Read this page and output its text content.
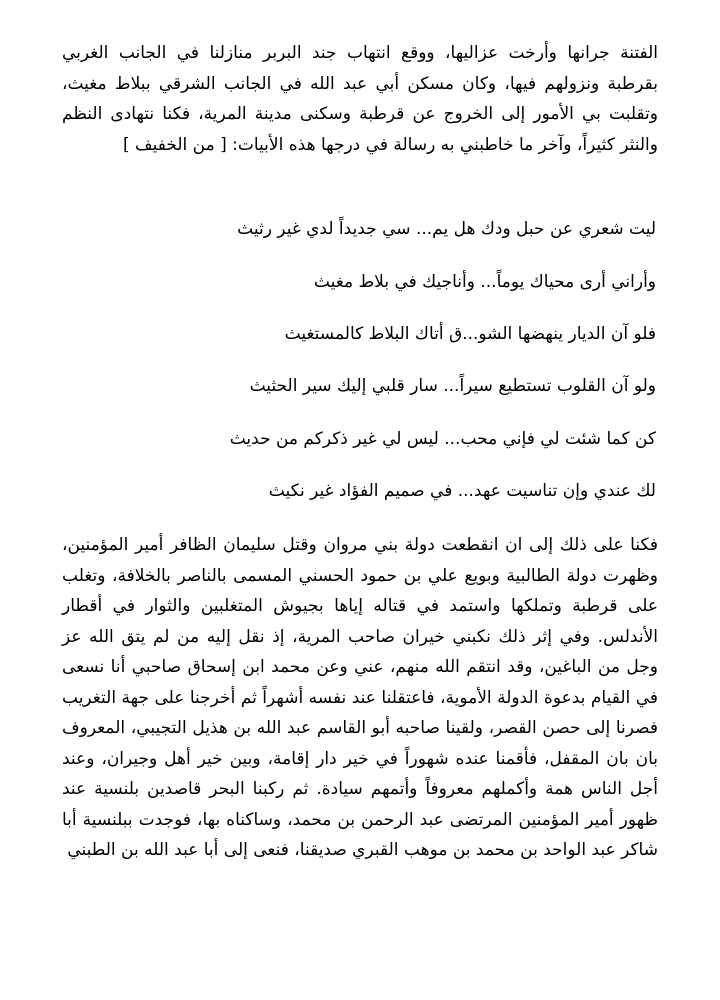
الفتنة جرانها وأرخت عزاليها، ووقع انتهاب جند البربر منازلنا في الجانب الغربي بقرطبة ونزولهم فيها، وكان مسكن أبي عبد الله في الجانب الشرقي ببلاط مغيث، وتقلبت بي الأمور إلى الخروج عن قرطبة وسكنى مدينة المرية، فكنا نتهادى النظم والنثر كثيراً، وآخر ما خاطبني به رسالة في درجها هذه الأبيات: [ من الخفيف ]

ليت شعري عن حبل ودك هل يم... سي جديداً لدي غير رثيث

وأراني أرى محياك يوماً... وأناجيك في بلاط مغيث

فلو آن الديار ينهضها الشو...ق أتاك البلاط كالمستغيث

ولو آن القلوب تستطيع سيراً... سار قلبي إليك سير الحثيث

كن كما شئت لي فإني محب... ليس لي غير ذكركم من حديث

لك عندي وإن تناسيت عهد... في صميم الفؤاد غير نكيث

فكنا على ذلك إلى ان انقطعت دولة بني مروان وقتل سليمان الظافر أمير المؤمنين، وظهرت دولة الطالبية وبويع علي بن حمود الحسني المسمى بالناصر بالخلافة، وتغلب على قرطبة وتملكها واستمد في قتاله إياها بجيوش المتغلبين والثوار في أقطار الأندلس. وفي إثر ذلك نكبني خيران صاحب المرية، إذ نقل إليه من لم يتق الله عز وجل من الباغين، وقد انتقم الله منهم، عني وعن محمد ابن إسحاق صاحبي أنا نسعى في القيام بدعوة الدولة الأموية، فاعتقلنا عند نفسه أشهراً ثم أخرجنا على جهة التغريب فصرنا إلى حصن القصر، ولقينا صاحبه أبو القاسم عبد الله بن هذيل التجيبي، المعروف بان بان المقفل، فأقمنا عنده شهوراً في خير دار إقامة، وبين خير أهل وجيران، وعند أجل الناس همة وأكملهم معروفاً وأتمهم سيادة. ثم ركبنا البحر قاصدين بلنسية عند ظهور أمير المؤمنين المرتضى عبد الرحمن بن محمد، وساكناه بها، فوجدت ببلنسية أبا شاكر عبد الواحد بن محمد بن موهب القبري صديقنا، فنعى إلى أبا عبد الله بن الطبني
